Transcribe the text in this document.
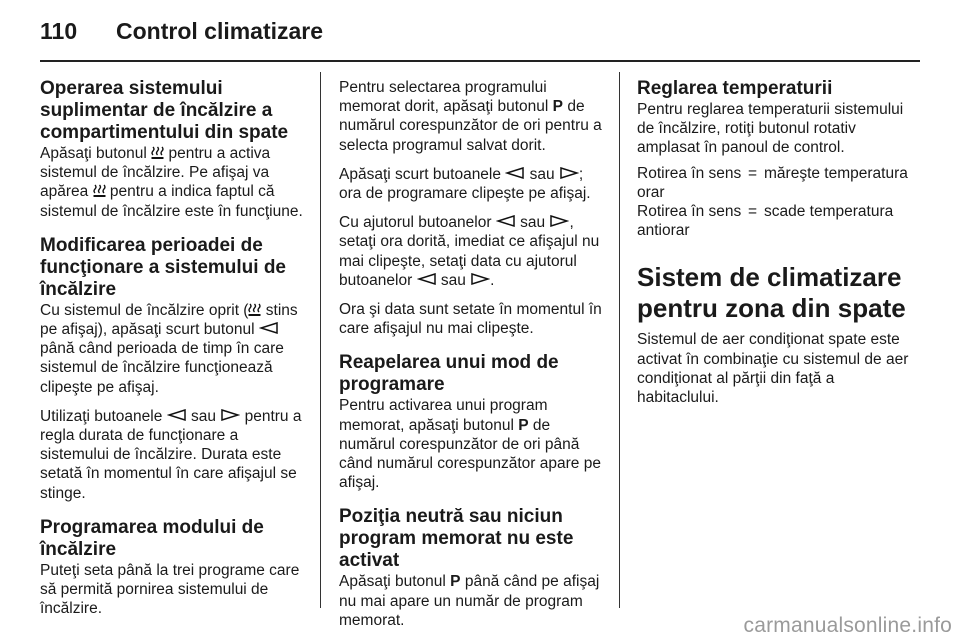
110 Control climatizare
Operarea sistemului suplimentar de încălzire a compartimentului din spate

Apăsaţi butonul  pentru a activa sistemul de încălzire. Pe afişaj va apărea  pentru a indica faptul că sistemul de încălzire este în funcţiune.

Modificarea perioadei de funcţionare a sistemului de încălzire

Cu sistemul de încălzire oprit ( stins pe afişaj), apăsaţi scurt butonul  până când perioada de timp în care sistemul de încălzire funcţionează clipeşte pe afişaj.

Utilizaţi butoanele  sau  pentru a regla durata de funcţionare a sistemului de încălzire. Durata este setată în momentul în care afişajul se stinge.

Programarea modului de încălzire

Puteţi seta până la trei programe care să permită pornirea sistemului de încălzire.

Pentru selectarea programului memorat dorit, apăsaţi butonul P de numărul corespunzător de ori pentru a selecta programul salvat dorit.

Apăsaţi scurt butoanele  sau ; ora de programare clipeşte pe afişaj.

Cu ajutorul butoanelor  sau , setaţi ora dorită, imediat ce afişajul nu mai clipeşte, setaţi data cu ajutorul butoanelor  sau .

Ora şi data sunt setate în momentul în care afişajul nu mai clipeşte.

Reapelarea unui mod de programare

Pentru activarea unui program memorat, apăsaţi butonul P de numărul corespunzător de ori până când numărul corespunzător apare pe afişaj.

Poziţia neutră sau niciun program memorat nu este activat

Apăsaţi butonul P până când pe afişaj nu mai apare un număr de program memorat.

Reglarea temperaturii

Pentru reglarea temperaturii sistemului de încălzire, rotiţi butonul rotativ amplasat în panoul de control.

Rotirea în sens orar
= măreşte temperatura
Rotirea în sens antiorar
= scade temperatura
Sistem de climatizare pentru zona din spate

Sistemul de aer condiţionat spate este activat în combinaţie cu sistemul de aer condiţionat al părţii din faţă a habitaclului.

carmanualsonline.info
